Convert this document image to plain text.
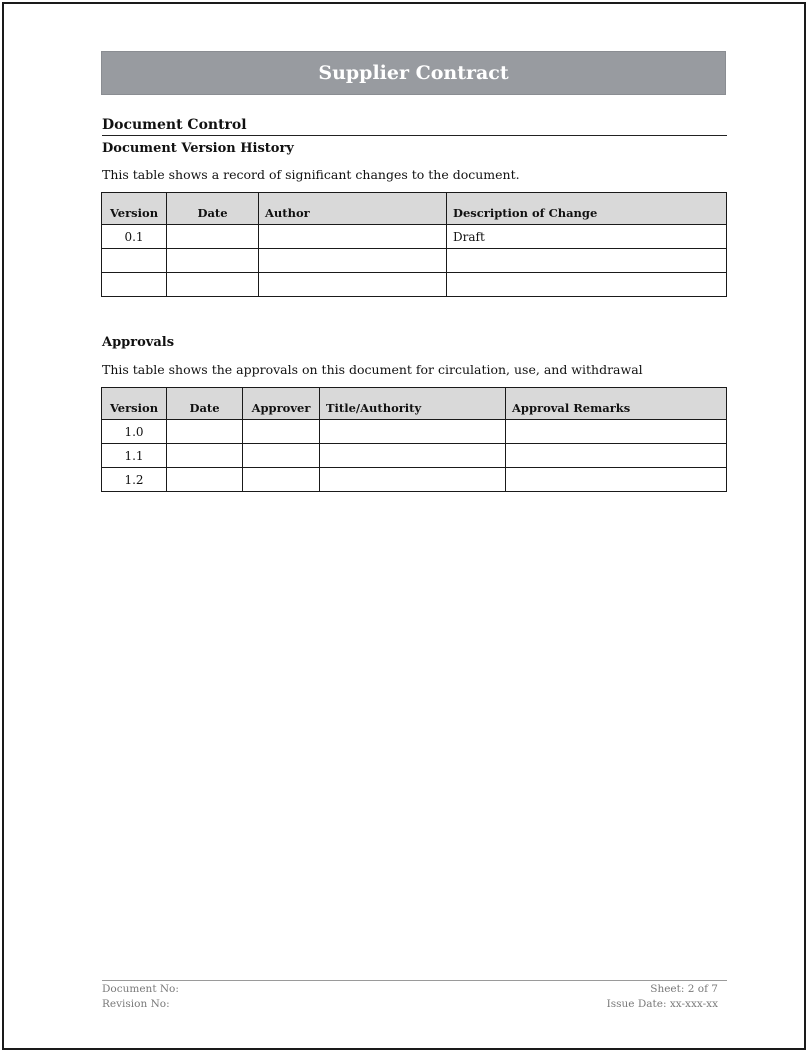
Supplier Contract
Document Control
Document Version History
This table shows a record of significant changes to the document.
Version	Date	Author	Description of Change
0.1			Draft

Approvals
This table shows the approvals on this document for circulation, use, and withdrawal
Version	Date	Approver	Title/Authority	Approval Remarks
1.0				
1.1				
1.2				
Document No:
Revision No:
Sheet: 2 of 7
Issue Date: xx-xxx-xx
